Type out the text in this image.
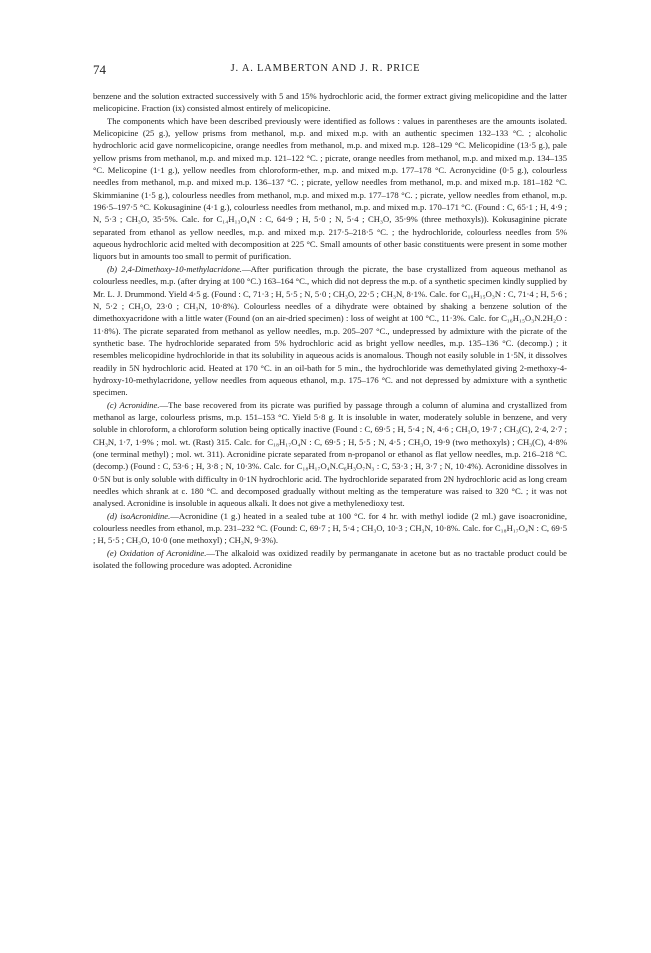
74	J. A. LAMBERTON AND J. R. PRICE

benzene and the solution extracted successively with 5 and 15% hydrochloric acid, the former extract giving melicopidine and the latter melicopicine. Fraction (ix) consisted almost entirely of melicopicine.

The components which have been described previously were identified as follows : values in parentheses are the amounts isolated. Melicopicine (25 g.), yellow prisms from methanol, m.p. and mixed m.p. with an authentic specimen 132–133 °C. ; alcoholic hydrochloric acid gave normelicopicine, orange needles from methanol, m.p. and mixed m.p. 128–129 °C. Melicopidine (13·5 g.), pale yellow prisms from methanol, m.p. and mixed m.p. 121–122 °C. ; picrate, orange needles from methanol, m.p. and mixed m.p. 134–135 °C. Melicopine (1·1 g.), yellow needles from chloroform-ether, m.p. and mixed m.p. 177–178 °C. Acronycidine (0·5 g.), colourless needles from methanol, m.p. and mixed m.p. 136–137 °C. ; picrate, yellow needles from methanol, m.p. and mixed m.p. 181–182 °C. Skimmianine (1·5 g.), colourless needles from methanol, m.p. and mixed m.p. 177–178 °C. ; picrate, yellow needles from ethanol, m.p. 196·5–197·5 °C. Kokusaginine (4·1 g.), colourless needles from methanol, m.p. and mixed m.p. 170–171 °C. (Found : C, 65·1 ; H, 4·9 ; N, 5·3 ; CH₃O, 35·5%. Calc. for C₁₄H₁₃O₄N : C, 64·9 ; H, 5·0 ; N, 5·4 ; CH₃O, 35·9% (three methoxyls)). Kokusaginine picrate separated from ethanol as yellow needles, m.p. and mixed m.p. 217·5–218·5 °C. ; the hydrochloride, colourless needles from 5% aqueous hydrochloric acid melted with decomposition at 225 °C. Small amounts of other basic constituents were present in some mother liquors but in amounts too small to permit of purification.

(b) 2,4-Dimethoxy-10-methylacridone.—After purification through the picrate, the base crystallized from aqueous methanol as colourless needles, m.p. (after drying at 100 °C.) 163–164 °C., which did not depress the m.p. of a synthetic specimen kindly supplied by Mr. L. J. Drummond. Yield 4·5 g. (Found : C, 71·3 ; H, 5·5 ; N, 5·0 ; CH₃O, 22·5 ; CH₃N, 8·1%. Calc. for C₁₆H₁₅O₃N : C, 71·4 ; H, 5·6 ; N, 5·2 ; CH₃O, 23·0 ; CH₃N, 10·8%). Colourless needles of a dihydrate were obtained by shaking a benzene solution of the dimethoxyacridone with a little water (Found (on an air-dried specimen) : loss of weight at 100 °C., 11·3%. Calc. for C₁₆H₁₅O₃N.2H₂O : 11·8%). The picrate separated from methanol as yellow needles, m.p. 205–207 °C., undepressed by admixture with the picrate of the synthetic base. The hydrochloride separated from 5% hydrochloric acid as bright yellow needles, m.p. 135–136 °C. (decomp.) ; it resembles melicopidine hydrochloride in that its solubility in aqueous acids is anomalous. Though not easily soluble in 1·5N, it dissolves readily in 5N hydrochloric acid. Heated at 170 °C. in an oil-bath for 5 min., the hydrochloride was demethylated giving 2-methoxy-4-hydroxy-10-methylacridone, yellow needles from aqueous ethanol, m.p. 175–176 °C. and not depressed by admixture with a synthetic specimen.

(c) Acronidine.—The base recovered from its picrate was purified by passage through a column of alumina and crystallized from methanol as large, colourless prisms, m.p. 151–153 °C. Yield 5·8 g. It is insoluble in water, moderately soluble in benzene, and very soluble in chloroform, a chloroform solution being optically inactive (Found : C, 69·5 ; H, 5·4 ; N, 4·6 ; CH₃O, 19·7 ; CH₃(C), 2·4, 2·7 ; CH₃N, 1·7, 1·9% ; mol. wt. (Rast) 315. Calc. for C₁₈H₁₇O₄N : C, 69·5 ; H, 5·5 ; N, 4·5 ; CH₃O, 19·9 (two methoxyls) ; CH₃(C), 4·8% (one terminal methyl) ; mol. wt. 311). Acronidine picrate separated from n-propanol or ethanol as flat yellow needles, m.p. 216–218 °C. (decomp.) (Found : C, 53·6 ; H, 3·8 ; N, 10·3%. Calc. for C₁₈H₁₇O₄N.C₆H₃O₇N₃ : C, 53·3 ; H, 3·7 ; N, 10·4%). Acronidine dissolves in 0·5N but is only soluble with difficulty in 0·1N hydrochloric acid. The hydrochloride separated from 2N hydrochloric acid as long cream needles which shrank at c. 180 °C. and decomposed gradually without melting as the temperature was raised to 320 °C. ; it was not analysed. Acronidine is insoluble in aqueous alkali. It does not give a methylenedioxy test.

(d) isoAcronidine.—Acronidine (1 g.) heated in a sealed tube at 100 °C. for 4 hr. with methyl iodide (2 ml.) gave isoacronidine, colourless needles from ethanol, m.p. 231–232 °C. (Found: C, 69·7 ; H, 5·4 ; CH₃O, 10·3 ; CH₃N, 10·8%. Calc. for C₁₈H₁₇O₄N : C, 69·5 ; H, 5·5 ; CH₃O, 10·0 (one methoxyl) ; CH₃N, 9·3%).

(e) Oxidation of Acronidine.—The alkaloid was oxidized readily by permanganate in acetone but as no tractable product could be isolated the following procedure was adopted. Acronidine
